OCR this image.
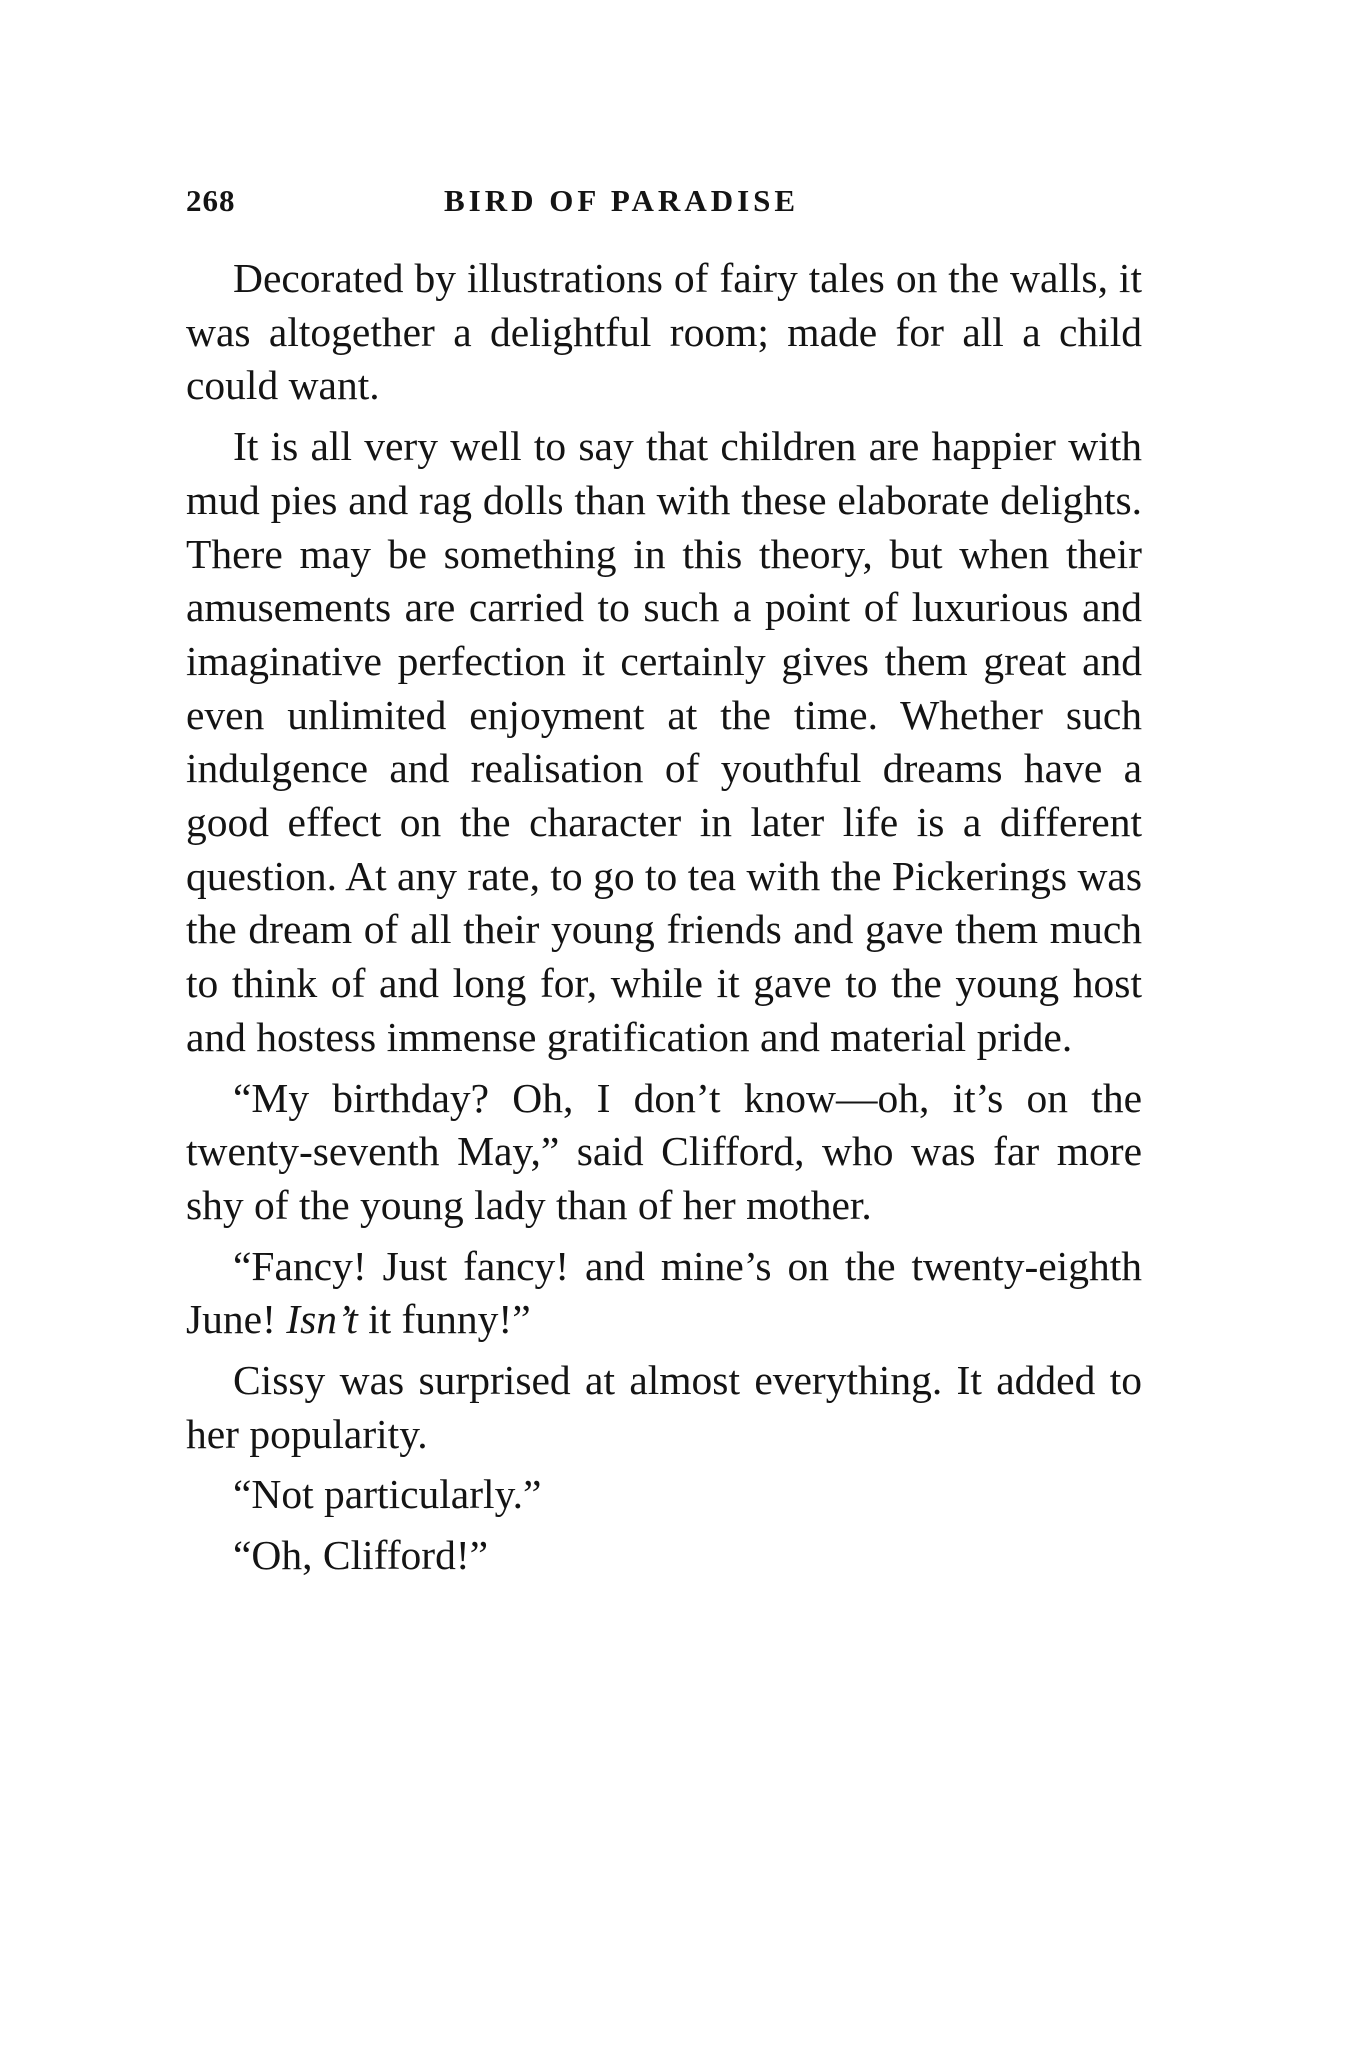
268	BIRD OF PARADISE

Decorated by illustrations of fairy tales on the walls, it was altogether a delightful room; made for all a child could want.

It is all very well to say that children are happier with mud pies and rag dolls than with these elaborate delights. There may be something in this theory, but when their amusements are carried to such a point of luxurious and imaginative perfection it certainly gives them great and even unlimited enjoyment at the time. Whether such indulgence and realisation of youthful dreams have a good effect on the character in later life is a different question. At any rate, to go to tea with the Pickerings was the dream of all their young friends and gave them much to think of and long for, while it gave to the young host and hostess immense gratification and material pride.

“My birthday? Oh, I don’t know—oh, it’s on the twenty-seventh May,” said Clifford, who was far more shy of the young lady than of her mother.

“Fancy! Just fancy! and mine’s on the twenty-eighth June! Isn’t it funny!”

Cissy was surprised at almost everything. It added to her popularity.

“Not particularly.”

“Oh, Clifford!”
